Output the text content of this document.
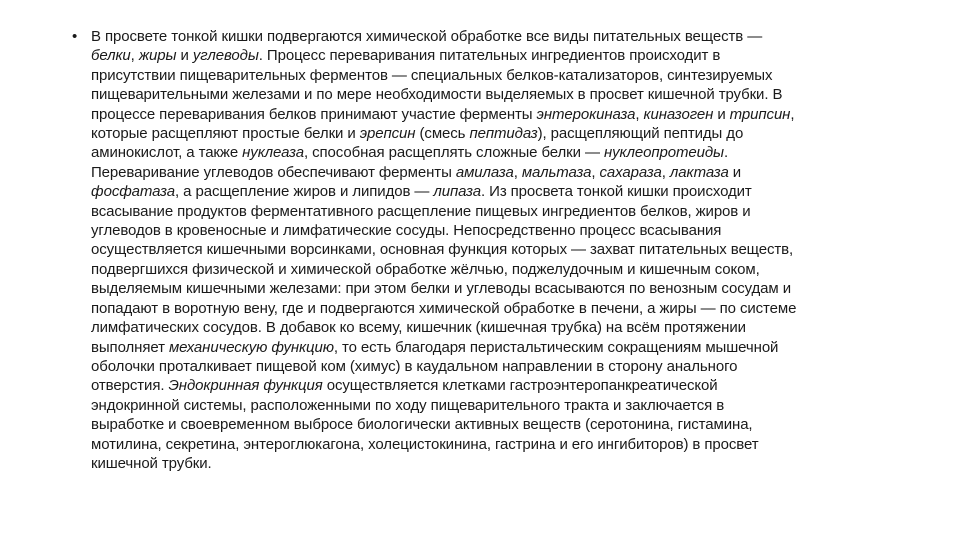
• В просвете тонкой кишки подвергаются химической обработке все виды питательных веществ —
белки, жиры и углеводы. Процесс переваривания питательных ингредиентов происходит в
присутствии пищеварительных ферментов — специальных белков-катализаторов, синтезируемых
пищеварительными железами и по мере необходимости выделяемых в просвет кишечной трубки. В
процессе переваривания белков принимают участие ферменты энтерокиназа, киназоген и трипсин,
которые расщепляют простые белки и эрепсин (смесь пептидаз), расщепляющий пептиды до
аминокислот, а также нуклеаза, способная расщеплять сложные белки — нуклеопротеиды.
Переваривание углеводов обеспечивают ферменты амилаза, мальтаза, сахараза, лактаза и
фосфатаза, а расщепление жиров и липидов — липаза. Из просвета тонкой кишки происходит
всасывание продуктов ферментативного расщепление пищевых ингредиентов белков, жиров и
углеводов в кровеносные и лимфатические сосуды. Непосредственно процесс всасывания
осуществляется кишечными ворсинками, основная функция которых — захват питательных веществ,
подвергшихся физической и химической обработке жёлчью, поджелудочным и кишечным соком,
выделяемым кишечными железами: при этом белки и углеводы всасываются по венозным сосудам и
попадают в воротную вену, где и подвергаются химической обработке в печени, а жиры — по системе
лимфатических сосудов. В добавок ко всему, кишечник (кишечная трубка) на всём протяжении
выполняет механическую функцию, то есть благодаря перистальтическим сокращениям мышечной
оболочки проталкивает пищевой ком (химус) в каудальном направлении в сторону анального
отверстия. Эндокринная функция осуществляется клетками гастроэнтеропанкреатической
эндокринной системы, расположенными по ходу пищеварительного тракта и заключается в
выработке и своевременном выбросе биологически активных веществ (серотонина, гистамина,
мотилина, секретина, энтероглюкагона, холецистокинина, гастрина и его ингибиторов) в просвет
кишечной трубки.
